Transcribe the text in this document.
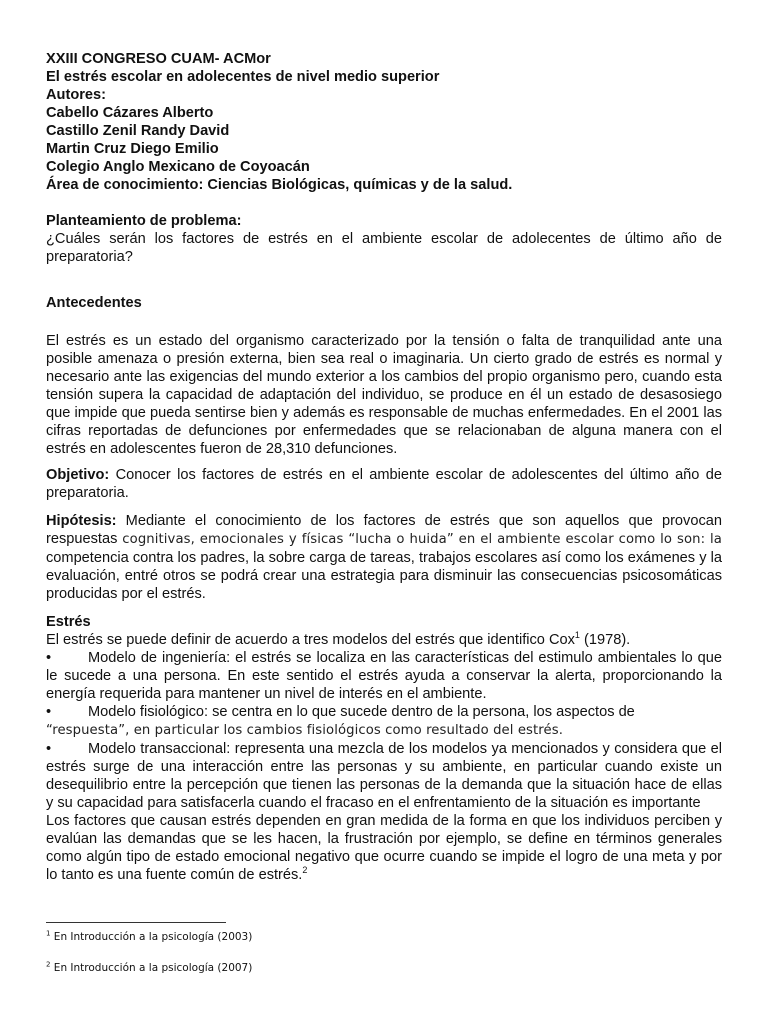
XXIII CONGRESO CUAM- ACMor

El estrés escolar en adolecentes de nivel medio superior

Autores:

Cabello Cázares Alberto

Castillo Zenil Randy David

Martin Cruz Diego Emilio

Colegio Anglo Mexicano de Coyoacán

Área de conocimiento: Ciencias Biológicas, químicas y de la salud.

Planteamiento de problema:

¿Cuáles serán los factores de estrés en el ambiente escolar de adolecentes de último año de preparatoria?

Antecedentes

El estrés es un estado del organismo caracterizado por la tensión o falta de tranquilidad ante una posible amenaza o presión externa, bien sea real o imaginaria. Un cierto grado de estrés es normal y necesario ante las exigencias del mundo exterior a los cambios del propio organismo pero, cuando esta tensión supera la capacidad de adaptación del individuo, se produce en él un estado de desasosiego que impide que pueda sentirse bien y además es responsable de muchas enfermedades. En el 2001 las cifras reportadas de defunciones por enfermedades que se relacionaban de alguna manera con el estrés en adolescentes fueron de 28,310 defunciones.

Objetivo: Conocer los factores de estrés en el ambiente escolar de adolescentes del último año de preparatoria.

Hipótesis: Mediante el conocimiento de los factores de estrés que son aquellos que provocan respuestas cognitivas, emocionales y físicas “lucha o huida” en el ambiente escolar como lo son: la competencia contra los padres, la sobre carga de tareas, trabajos escolares así como los exámenes y la evaluación, entré otros se podrá crear una estrategia para disminuir las consecuencias psicosomáticas producidas por el estrés.

Estrés

El estrés se puede definir de acuerdo a tres modelos del estrés que identifico Cox$^1$ (1978).

•	Modelo de ingeniería: el estrés se localiza en las características del estimulo ambientales lo que le sucede a una persona. En este sentido el estrés ayuda a conservar la alerta, proporcionando la energía requerida para mantener un nivel de interés en el ambiente.

•	Modelo fisiológico: se centra en lo que sucede dentro de la persona, los aspectos de
“respuesta”, en particular los cambios fisiológicos como resultado del estrés.

•	Modelo transaccional: representa una mezcla de los modelos ya mencionados y considera que el estrés surge de una interacción entre las personas y su ambiente, en particular cuando existe un desequilibrio entre la percepción que tienen las personas de la demanda que la situación hace de ellas y su capacidad para satisfacerla cuando el fracaso en el enfrentamiento de la situación es importante

Los factores que causan estrés dependen en gran medida de la forma en que los individuos perciben y evalúan las demandas que se les hacen, la frustración por ejemplo, se define en términos generales como algún tipo de estado emocional negativo que ocurre cuando se impide el logro de una meta y por lo tanto es una fuente común de estrés.$^2$

$^1$ En Introducción a la psicología (2003)
$^2$ En Introducción a la psicología (2007)
